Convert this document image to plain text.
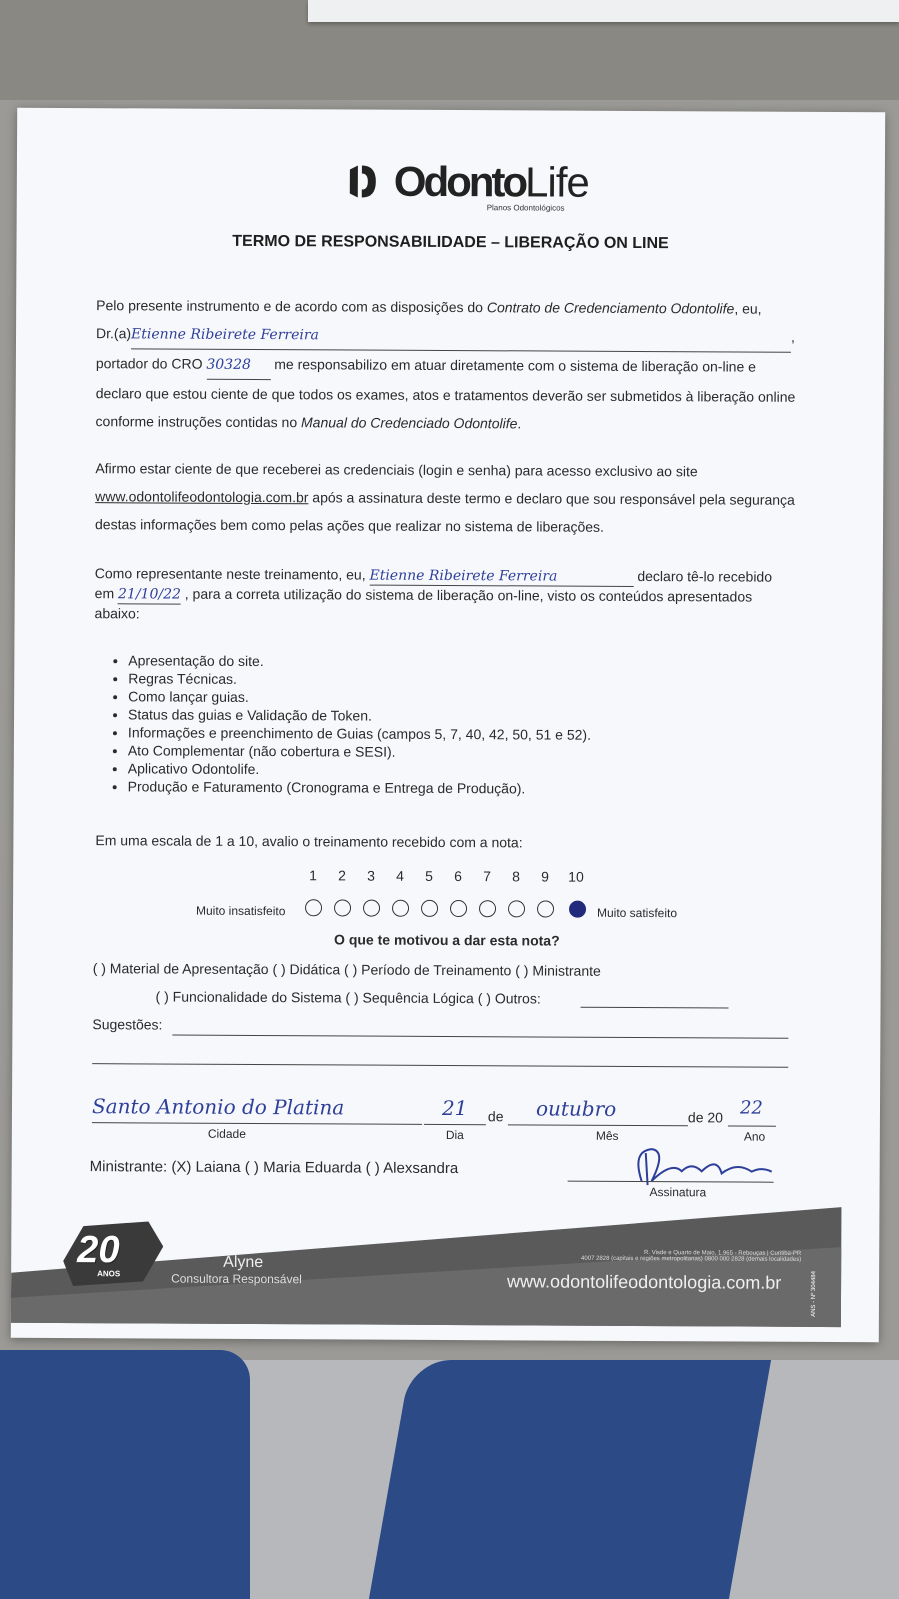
OdontoLife
Planos Odontológicos
TERMO DE RESPONSABILIDADE – LIBERAÇÃO ON LINE
Pelo presente instrumento e de acordo com as disposições do Contrato de Credenciamento Odontolife, eu,
Dr.(a)Etienne Ribeirete Ferreira	,
portador do CRO 30328 me responsabilizo em atuar diretamente com o sistema de liberação on-line e declaro que estou ciente de que todos os exames, atos e tratamentos deverão ser submetidos à liberação online conforme instruções contidas no Manual do Credenciado Odontolife.
Afirmo estar ciente de que receberei as credenciais (login e senha) para acesso exclusivo ao site www.odontolifeodontologia.com.br após a assinatura deste termo e declaro que sou responsável pela segurança destas informações bem como pelas ações que realizar no sistema de liberações.
Como representante neste treinamento, eu, Etienne Ribeirete Ferreira	declaro tê-lo recebido
em 21/10/22 , para a correta utilização do sistema de liberação on-line, visto os conteúdos apresentados abaixo:
• Apresentação do site.
• Regras Técnicas.
• Como lançar guias.
• Status das guias e Validação de Token.
• Informações e preenchimento de Guias (campos 5, 7, 40, 42, 50, 51 e 52).
• Ato Complementar (não cobertura e SESI).
• Aplicativo Odontolife.
• Produção e Faturamento (Cronograma e Entrega de Produção).
Em uma escala de 1 a 10, avalio o treinamento recebido com a nota:
1 2 3 4 5 6 7 8 9 10
Muito insatisfeito	Muito satisfeito
O que te motivou a dar esta nota?
( ) Material de Apresentação ( ) Didática ( ) Período de Treinamento ( ) Ministrante
( ) Funcionalidade do Sistema ( ) Sequência Lógica ( ) Outros:
Sugestões:
Santo Antonio do Platina
Cidade
21
Dia
de outubro
Mês
de 20 22
Ano
Ministrante: (X) Laiana ( ) Maria Eduarda ( ) Alexsandra
Assinatura
20
ANOS
Alyne
Consultora Responsável
R. Visde e Quarto de Maio, 1.965 - Rebouças | Curitiba-PR
4007 2828 (capitais e regiões metropolitanas) 0800 000 2828 (demais localidades)
www.odontolifeodontologia.com.br	ANS - Nº 304484
